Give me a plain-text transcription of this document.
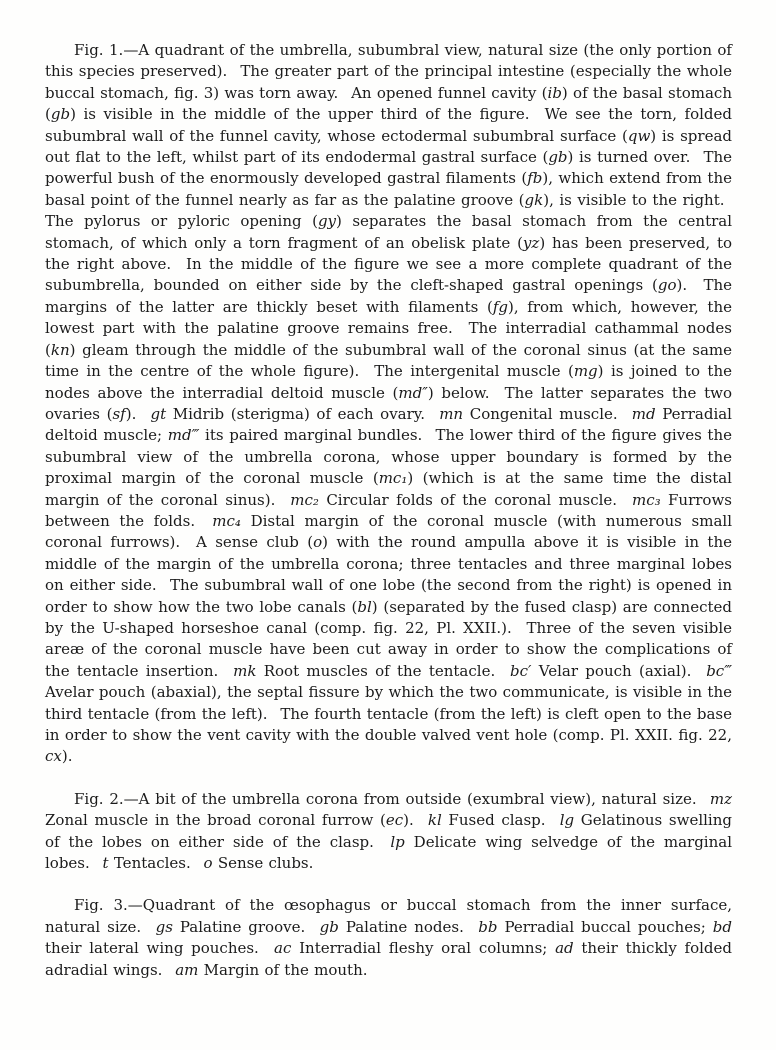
Fig. 1.—A quadrant of the umbrella, subumbral view, natural size (the only portion of this species preserved).  The greater part of the principal intestine (especially the whole buccal stomach, fig. 3) was torn away.  An opened funnel cavity (ib) of the basal stomach (gb) is visible in the middle of the upper third of the figure.  We see the torn, folded subumbral wall of the funnel cavity, whose ectodermal subumbral surface (qw) is spread out flat to the left, whilst part of its endodermal gastral surface (gb) is turned over.  The powerful bush of the enormously developed gastral filaments (fb), which extend from the basal point of the funnel nearly as far as the palatine groove (gk), is visible to the right.  The pylorus or pyloric opening (gy) separates the basal stomach from the central stomach, of which only a torn fragment of an obelisk plate (yz) has been preserved, to the right above.  In the middle of the figure we see a more complete quadrant of the subumbrella, bounded on either side by the cleft-shaped gastral openings (go).  The margins of the latter are thickly beset with filaments (fg), from which, however, the lowest part with the palatine groove remains free.  The interradial cathammal nodes (kn) gleam through the middle of the subumbral wall of the coronal sinus (at the same time in the centre of the whole figure).  The intergenital muscle (mg) is joined to the nodes above the interradial deltoid muscle (md″) below.  The latter separates the two ovaries (sf).  gt Midrib (sterigma) of each ovary.  mn Congenital muscle.  md Perradial deltoid muscle; md‴ its paired marginal bundles.  The lower third of the figure gives the subumbral view of the umbrella corona, whose upper boundary is formed by the proximal margin of the coronal muscle (mc₁) (which is at the same time the distal margin of the coronal sinus).  mc₂ Circular folds of the coronal muscle.  mc₃ Furrows between the folds.  mc₄ Distal margin of the coronal muscle (with numerous small coronal furrows).  A sense club (o) with the round ampulla above it is visible in the middle of the margin of the umbrella corona; three tentacles and three marginal lobes on either side.  The subumbral wall of one lobe (the second from the right) is opened in order to show how the two lobe canals (bl) (separated by the fused clasp) are connected by the U-shaped horseshoe canal (comp. fig. 22, Pl. XXII.).  Three of the seven visible areæ of the coronal muscle have been cut away in order to show the complications of the tentacle insertion.  mk Root muscles of the tentacle.  bc′ Velar pouch (axial).  bc‴ Avelar pouch (abaxial), the septal fissure by which the two communicate, is visible in the third tentacle (from the left).  The fourth tentacle (from the left) is cleft open to the base in order to show the vent cavity with the double valved vent hole (comp. Pl. XXII. fig. 22, cx).

Fig. 2.—A bit of the umbrella corona from outside (exumbral view), natural size.  mz Zonal muscle in the broad coronal furrow (ec).  kl Fused clasp.  lg Gelatinous swelling of the lobes on either side of the clasp.  lp Delicate wing selvedge of the marginal lobes.  t Tentacles.  o Sense clubs.

Fig. 3.—Quadrant of the œsophagus or buccal stomach from the inner surface, natural size.  gs Palatine groove.  gb Palatine nodes.  bb Perradial buccal pouches; bd their lateral wing pouches.  ac Interradial fleshy oral columns; ad their thickly folded adradial wings.  am Margin of the mouth.
